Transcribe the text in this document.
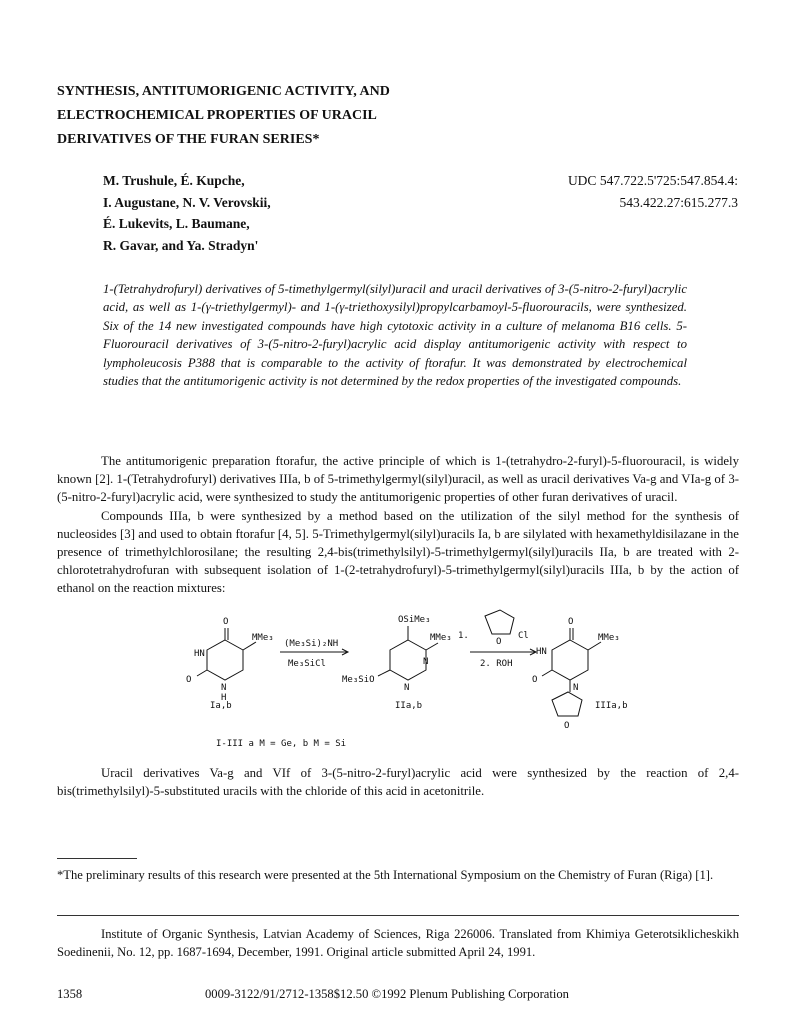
SYNTHESIS, ANTITUMORIGENIC ACTIVITY, AND
ELECTROCHEMICAL PROPERTIES OF URACIL
DERIVATIVES OF THE FURAN SERIES*
M. Trushule, É. Kupche,
I. Augustane, N. V. Verovskii,
É. Lukevits, L. Baumane,
R. Gavar, and Ya. Stradyn'
UDC 547.722.5'725:547.854.4:
543.422.27:615.277.3
1-(Tetrahydrofuryl) derivatives of 5-timethylgermyl(silyl)uracil and uracil derivatives of 3-(5-nitro-2-furyl)acrylic acid, as well as 1-(γ-triethylgermyl)- and 1-(γ-triethoxysilyl)propylcarbamoyl-5-fluorouracils, were synthesized. Six of the 14 new investigated compounds have high cytotoxic activity in a culture of melanoma B16 cells. 5-Fluorouracil derivatives of 3-(5-nitro-2-furyl)acrylic acid display antitumorigenic activity with respect to lympholeucosis P388 that is comparable to the activity of ftorafur. It was demonstrated by electrochemical studies that the antitumorigenic activity is not determined by the redox properties of the investigated compounds.

The antitumorigenic preparation ftorafur, the active principle of which is 1-(tetrahydro-2-furyl)-5-fluorouracil, is widely known [2]. 1-(Tetrahydrofuryl) derivatives IIIa, b of 5-trimethylgermyl(silyl)uracil, as well as uracil derivatives Va-g and VIa-g of 3-(5-nitro-2-furyl)acrylic acid, were synthesized to study the antitumorigenic properties of other furan derivatives of uracil.

Compounds IIIa, b were synthesized by a method based on the utilization of the silyl method for the synthesis of nucleosides [3] and used to obtain ftorafur [4, 5]. 5-Trimethylgermyl(silyl)uracils Ia, b are silylated with hexamethyldisilazane in the presence of trimethylchlorosilane; the resulting 2,4-bis(trimethylsilyl)-5-trimethylgermyl(silyl)uracils IIa, b are treated with 2-chlorotetrahydrofuran with subsequent isolation of 1-(2-tetrahydrofuryl)-5-trimethylgermyl(silyl)uracils IIIa, b by the action of ethanol on the reaction mixtures:

O
HN
O
N
H
MMe₃
(Me₃Si)₂NH
Me₃SiCl
OSiMe₃
MMe₃
N
N
Me₃SiO
1.
O
Cl
2. ROH
O
HN
O
N
O
MMe₃
Ia,b	IIa,b	IIIa,b
I-III a M = Ge, b M = Si

Uracil derivatives Va-g and VIf of 3-(5-nitro-2-furyl)acrylic acid were synthesized by the reaction of 2,4-bis(trimethylsilyl)-5-substituted uracils with the chloride of this acid in acetonitrile.

*The preliminary results of this research were presented at the 5th International Symposium on the Chemistry of Furan (Riga) [1].
Institute of Organic Synthesis, Latvian Academy of Sciences, Riga 226006. Translated from Khimiya Geterotsiklicheskikh Soedinenii, No. 12, pp. 1687-1694, December, 1991. Original article submitted April 24, 1991.
1358	0009-3122/91/2712-1358$12.50 ©1992 Plenum Publishing Corporation
